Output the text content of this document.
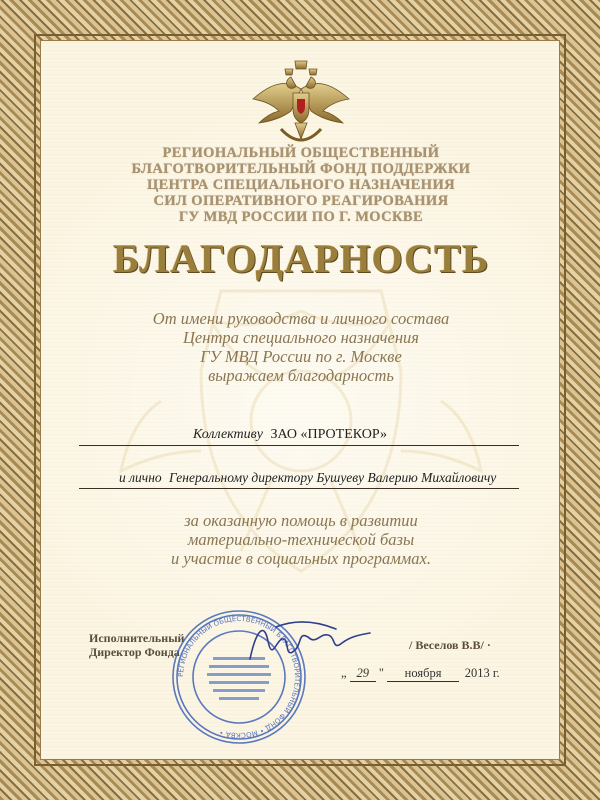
РЕГИОНАЛЬНЫЙ ОБЩЕСТВЕННЫЙ
БЛАГОТВОРИТЕЛЬНЫЙ ФОНД ПОДДЕРЖКИ
ЦЕНТРА СПЕЦИАЛЬНОГО НАЗНАЧЕНИЯ
СИЛ ОПЕРАТИВНОГО РЕАГИРОВАНИЯ
ГУ МВД РОССИИ ПО Г. МОСКВЕ
БЛАГОДАРНОСТЬ
От имени руководства и личного состава
Центра специального назначения
ГУ МВД России по г. Москве
выражаем благодарность
Коллективу ЗАО «ПРОТЕКОР»
и лично Генеральному директору Бушуеву Валерию Михайловичу
за оказанную помощь в развитии
материально-технической базы
и участие в социальных программах.
Исполнительный
Директор Фонда
РЕГИОНАЛЬНЫЙ ОБЩЕСТВЕННЫЙ БЛАГОТВОРИТЕЛЬНЫЙ ФОНД • МОСКВА •
/ Веселов В.В/ ·
„ 29 " ноября 2013 г.
